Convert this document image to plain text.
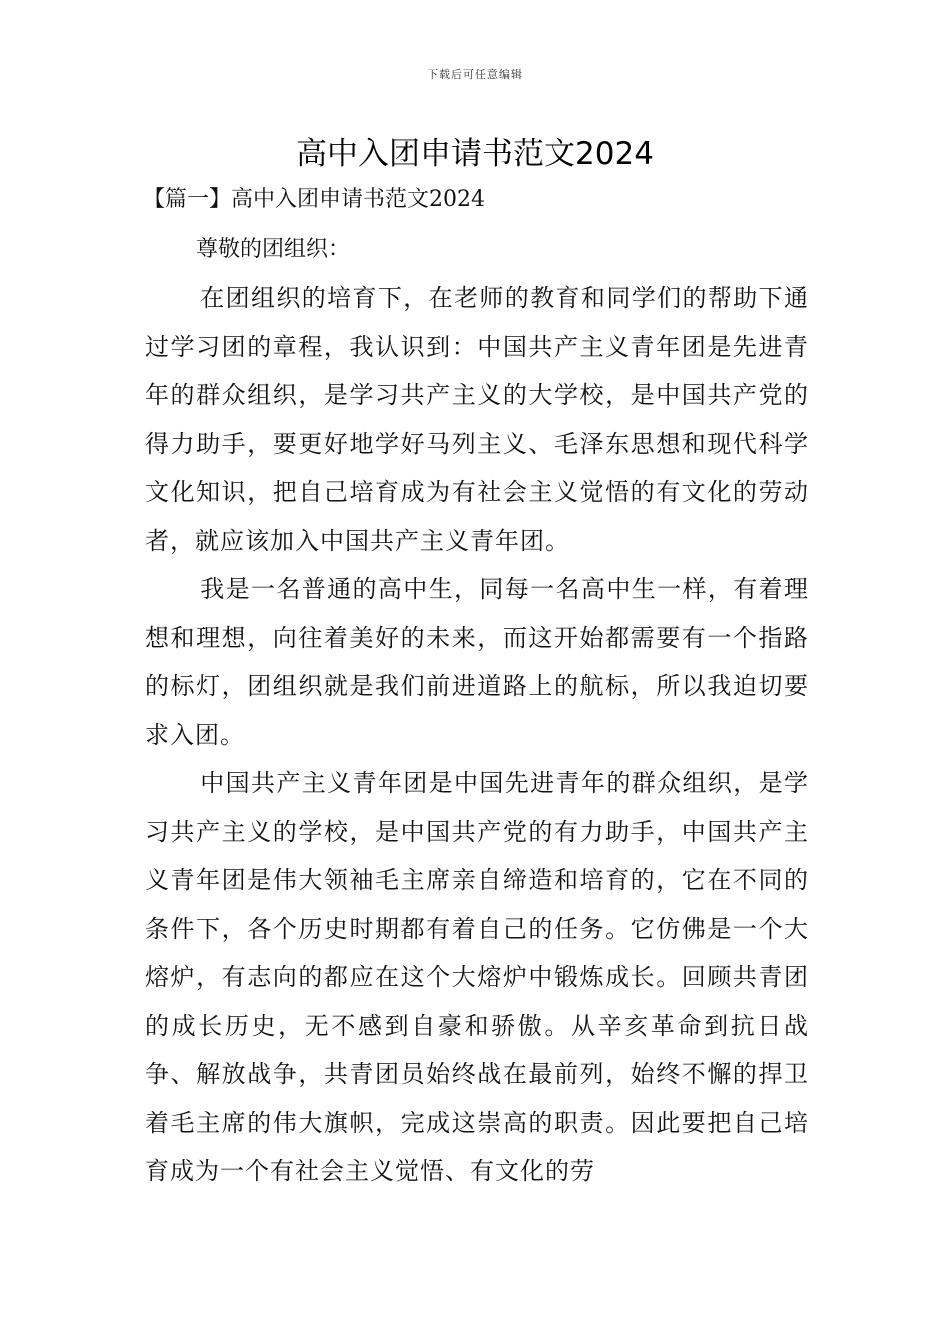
下载后可任意编辑
高中入团申请书范文2024
【篇一】高中入团申请书范文2024

尊敬的团组织：

在团组织的培育下，在老师的教育和同学们的帮助下通过学习团的章程，我认识到：中国共产主义青年团是先进青年的群众组织，是学习共产主义的大学校，是中国共产党的得力助手，要更好地学好马列主义、毛泽东思想和现代科学文化知识，把自己培育成为有社会主义觉悟的有文化的劳动者，就应该加入中国共产主义青年团。

我是一名普通的高中生，同每一名高中生一样，有着理想和理想，向往着美好的未来，而这开始都需要有一个指路的标灯，团组织就是我们前进道路上的航标，所以我迫切要求入团。

中国共产主义青年团是中国先进青年的群众组织，是学习共产主义的学校，是中国共产党的有力助手，中国共产主义青年团是伟大领袖毛主席亲自缔造和培育的，它在不同的条件下，各个历史时期都有着自己的任务。它仿佛是一个大熔炉，有志向的都应在这个大熔炉中锻炼成长。回顾共青团的成长历史，无不感到自豪和骄傲。从辛亥革命到抗日战争、解放战争，共青团员始终战在最前列，始终不懈的捍卫着毛主席的伟大旗帜，完成这崇高的职责。因此要把自己培育成为一个有社会主义觉悟、有文化的劳
